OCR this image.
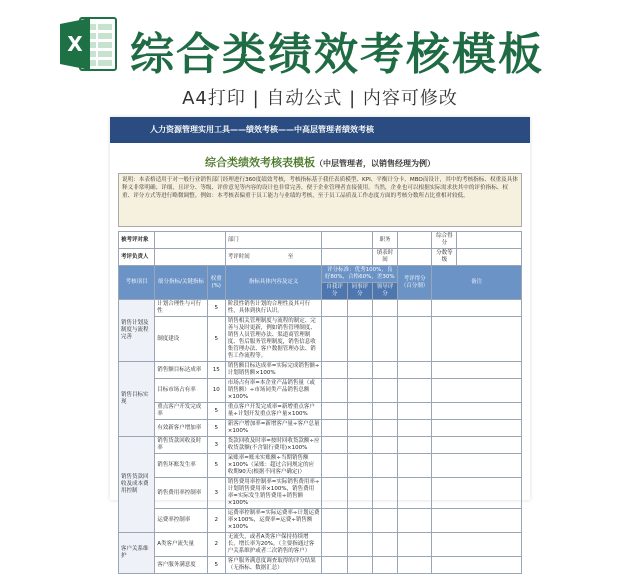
X 综合类绩效考核模板
A4打印 | 自动公式 | 内容可修改
人力资源管理实用工具——绩效考核——中高层管理者绩效考核
综合类绩效考核表模板（中层管理者，以销售经理为例）
说明：本表格适用于对一般行业销售部门经理进行360度绩效考核，考核指标基于我任表质模型、KPI、平衡计分卡、MBO而设计，其中的考核指标、权重及具体释义非常明确、详细，且评分、等级、评价意见等内容的设计也非常完善，便于企业管理者直接使用。当然，企业也可以根据实际需求扶其中的评价指标、权重、评分方式等进行略微调整。例如：本考核表偏重于员工能力与业绩的考核，至于员工品质及工作态度方面的考核分数所占比重相对较低。
被考评对象			部门			职务		综合得分	
考评负责人			考评时间 至			填表时间		分数等级	
考核项目	细分指标/关键指标	权重(%)	指标具体内容及定义	评分标准：优秀100%，良好80%，合格60%，差30%			考评得分（百分制）	备注	
				自我评分	同事评分	领导评分			
销售计划及制度与流程完善	计划合理性与可行性	5	阶段性销售计划的合理性及其可行性，具体到执行认识。						
	制度建设	5	销售相关管理制度与流程的制定、完善与及时更新，例如销售管理制度、销售人员管理办法、渠道商管理制度、售后服务管理制度，销售信息收集管理办法、客户数据管理办法、销售工作流程等。						
销售目标实现	销售额目标达成率	15	销售额目标达成率=实际完成销售额÷计划销售额×100%						
	目标市场占有率	10	市场占有率=本企业产品销售量（或销售额）÷市场同类产品销售总额×100%						
	重点客户开发完成率	5	重点客户开发完成率=新增重点客户量÷计划开发重点客户量×100%						
	有效新客户增加率	5	新客户增加率=新增客户量÷客户总量×100%						
销售货款回收及成本费用控制	销售货款回收及时率	3	货款回收及时率=按时回收货款额÷应收货款额(不含银行费用)×100%						
	销售坏账发生率	5	呆账率=账未实账额÷当期销售额×100%（呆账：超过合同规定的应收期90天(根据不同客户确定)）						
	销售费用率控制率	3	销售费用率控制率=实际销售费用率÷计划销售费用率×100%，销售费用率=实际发生销售费用÷销售额×100%						
	运费率控制率	2	运费率控制率=实际运费率÷计划运费率×100%，运费率=运费÷销售额×100%						
客户关系维护	A类客户流失量	2	无流失，或者A类客户保持持续增长，增长率为20%。（主要指通过客户关系维护或者二次销售的客户）						
	客户服务满意度	5	客户服务满意度调查取得的评分结果（无指标、数据汇总）						
